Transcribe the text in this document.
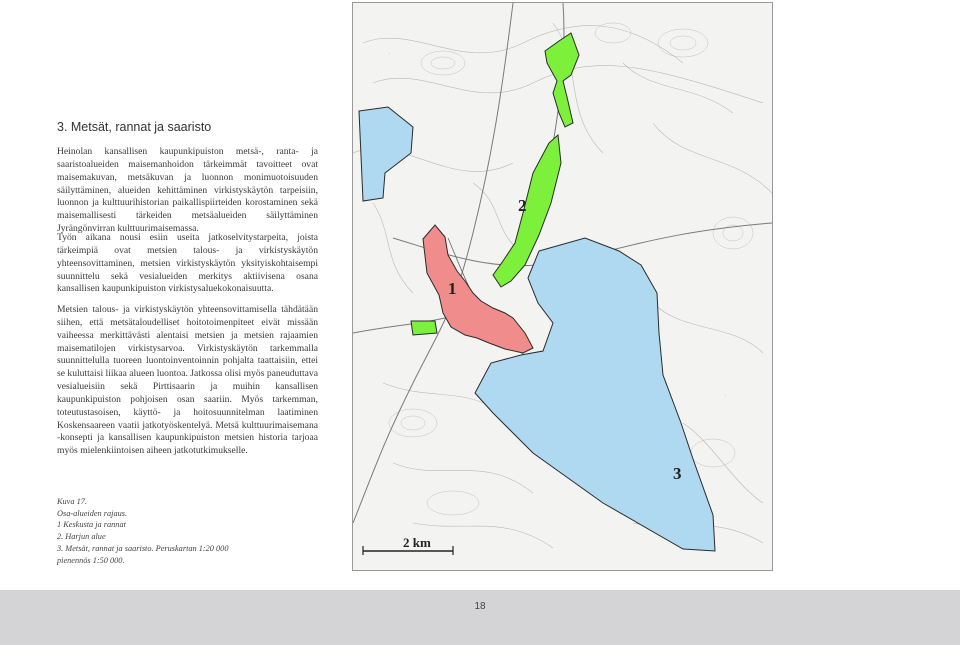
3. Metsät, rannat ja saaristo

Heinolan kansallisen kaupunkipuiston metsä-, ranta- ja saaristoalueiden maisemanhoidon tärkeimmät tavoitteet ovat maisemakuvan, metsäkuvan ja luonnon monimuotoisuuden säilyttäminen, alueiden kehittäminen virkistyskäytön tarpeisiin, luonnon ja kulttuurihistorian paikallispiirteiden korostaminen sekä maisemallisesti tärkeiden metsäalueiden säilyttäminen Jyrängönvirran kulttuurimaisemassa.

Työn aikana nousi esiin useita jatkoselvitystarpeita, joista tärkeimpiä ovat metsien talous- ja virkistyskäytön yhteensovittaminen, metsien virkistyskäytön yksityiskohtaisempi suunnittelu sekä vesialueiden merkitys aktiivisena osana kansallisen kaupunkipuiston virkistysaluekokonaisuutta.

Metsien talous- ja virkistyskäytön yhteensovittamisella tähdätään siihen, että metsätaloudelliset hoitotoimenpiteet eivät missään vaiheessa merkittävästi alentaisi metsien ja metsien rajaamien maisematilojen virkistysarvoa. Virkistyskäytön tarkemmalla suunnittelulla tuoreen luontoinventoinnin pohjalta taattaisiin, ettei se kuluttaisi liikaa alueen luontoa. Jatkossa olisi myös paneuduttava vesialueisiin sekä Pirttisaarin ja muihin kansallisen kaupunkipuiston pohjoisen osan saariin. Myös tarkemman, toteutustasoisen, käyttö- ja hoitosuunnitelman laatiminen Koskensaareen vaatii jatkotyöskentelyä. Metsä kulttuurimaisemana -konsepti ja kansallisen kaupunkipuiston metsien historia tarjoaa myös mielenkiintoisen aiheen jatkotutkimukselle.

Kuva 17.
Osa-alueiden rajaus.
1 Keskusta ja rannat
2. Harjun alue
3. Metsät, rannat ja saaristo. Peruskartan 1:20 000
pienennös 1:50 000.
·
·
1
2
3
2 km
18
